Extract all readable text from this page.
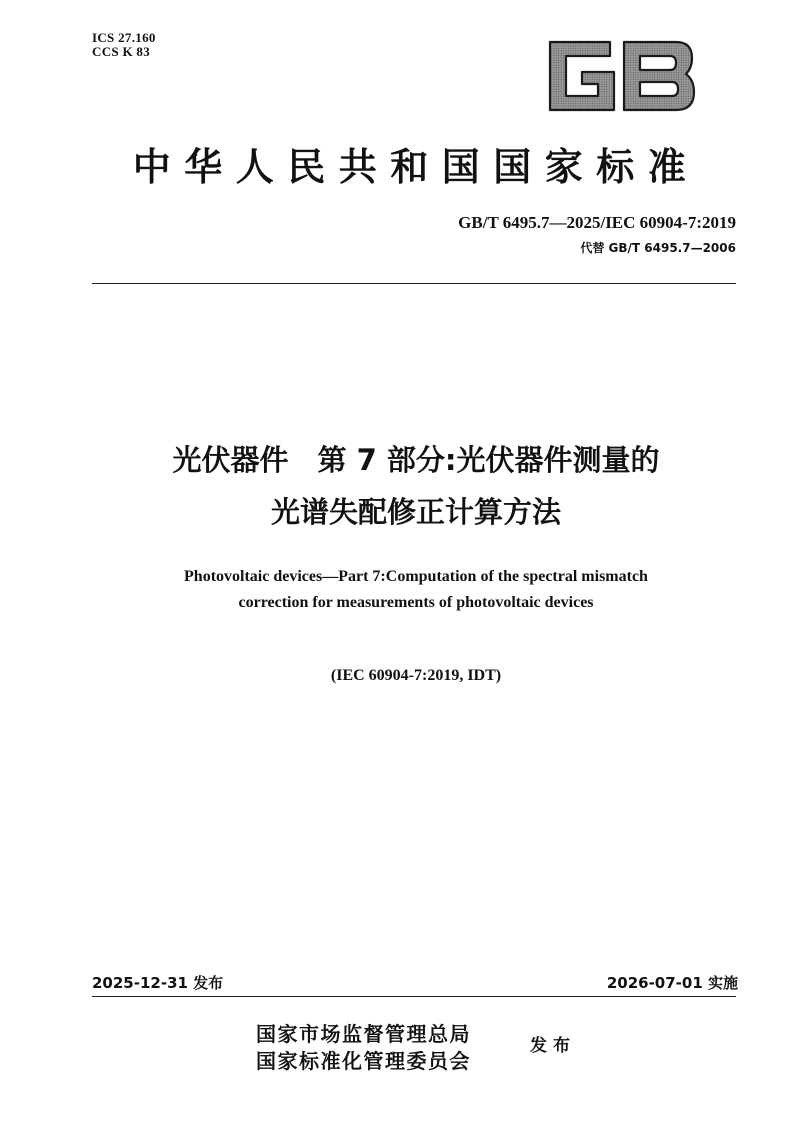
ICS 27.160
CCS K 83
中华人民共和国国家标准
GB/T 6495.7—2025/IEC 60904-7:2019
代替 GB/T 6495.7—2006
光伏器件　第 7 部分:光伏器件测量的
光谱失配修正计算方法
Photovoltaic devices—Part 7:Computation of the spectral mismatch
correction for measurements of photovoltaic devices
(IEC 60904-7:2019, IDT)
2025-12-31 发布	2026-07-01 实施
国家市场监督管理总局
国家标准化管理委员会
发布
